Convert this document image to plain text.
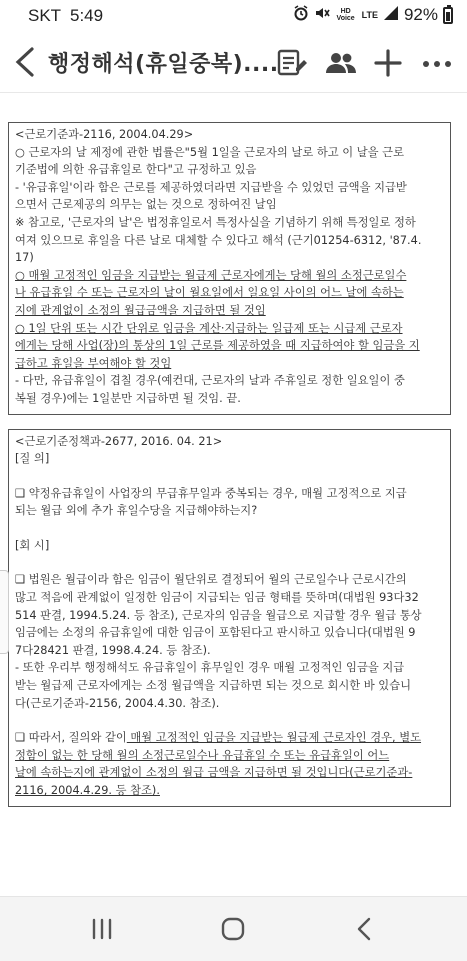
SKT 5:49	HD Voice LTE 92%
행정해석(휴일중복)....

<근로기준과-2116, 2004.04.29>

○ 근로자의 날 제정에 관한 법률은"5월 1일을 근로자의 날로 하고 이 날을 근로

기준법에 의한 유급휴일로 한다"고 규정하고 있음

- '유급휴일'이라 함은 근로를 제공하였더라면 지급받을 수 있었던 금액을 지급받

으면서 근로제공의 의무는 없는 것으로 정하여진 날임

※ 참고로, '근로자의 날'은 법정휴일로서 특정사실을 기념하기 위해 특정일로 정하

여져 있으므로 휴일을 다른 날로 대체할 수 있다고 해석 (근기01254-6312, '87.4.

17)

○ 매월 고정적인 임금을 지급받는 월급제 근로자에게는 당해 월의 소정근로일수

나 유급휴일 수 또는 근로자의 날이 월요일에서 일요일 사이의 어느 날에 속하는

지에 관계없이 소정의 월급금액을 지급하면 될 것임

○ 1일 단위 또는 시간 단위로 임금을 계산·지급하는 일급제 또는 시급제 근로자

에게는 당해 사업(장)의 통상의 1일 근로를 제공하였을 때 지급하여야 할 임금을 지

급하고 휴일을 부여해야 할 것임

- 다만, 유급휴일이 겹칠 경우(예컨대, 근로자의 날과 주휴일로 정한 일요일이 중

복될 경우)에는 1일분만 지급하면 될 것임. 끝.

<근로기준정책과-2677, 2016. 04. 21>

[질 의]

❑ 약정유급휴일이 사업장의 무급휴무일과 중복되는 경우, 매월 고정적으로 지급

되는 월급 외에 추가 휴일수당을 지급해야하는지?

[회 시]

❑ 법원은 월급이라 함은 임금이 월단위로 결정되어 월의 근로일수나 근로시간의

많고 적음에 관계없이 일정한 임금이 지급되는 임금 형태를 뜻하며(대법원 93다32

514 판결, 1994.5.24. 등 참조), 근로자의 임금을 월급으로 지급할 경우 월급 통상

임금에는 소정의 유급휴일에 대한 임금이 포함된다고 판시하고 있습니다(대법원 9

7다28421 판결, 1998.4.24. 등 참조).

- 또한 우리부 행정해석도 유급휴일이 휴무일인 경우 매월 고정적인 임금을 지급

받는 월급제 근로자에게는 소정 월급액을 지급하면 되는 것으로 회시한 바 있습니

다(근로기준과-2156, 2004.4.30. 참조).

❑ 따라서, 질의와 같이 매월 고정적인 임금을 지급받는 월급제 근로자인 경우, 별도

정함이 없는 한 당해 월의 소정근로일수나 유급휴일 수 또는 유급휴일이 어느

날에 속하는지에 관계없이 소정의 월급 금액을 지급하면 될 것입니다(근로기준과-

2116, 2004.4.29. 등 참조).
